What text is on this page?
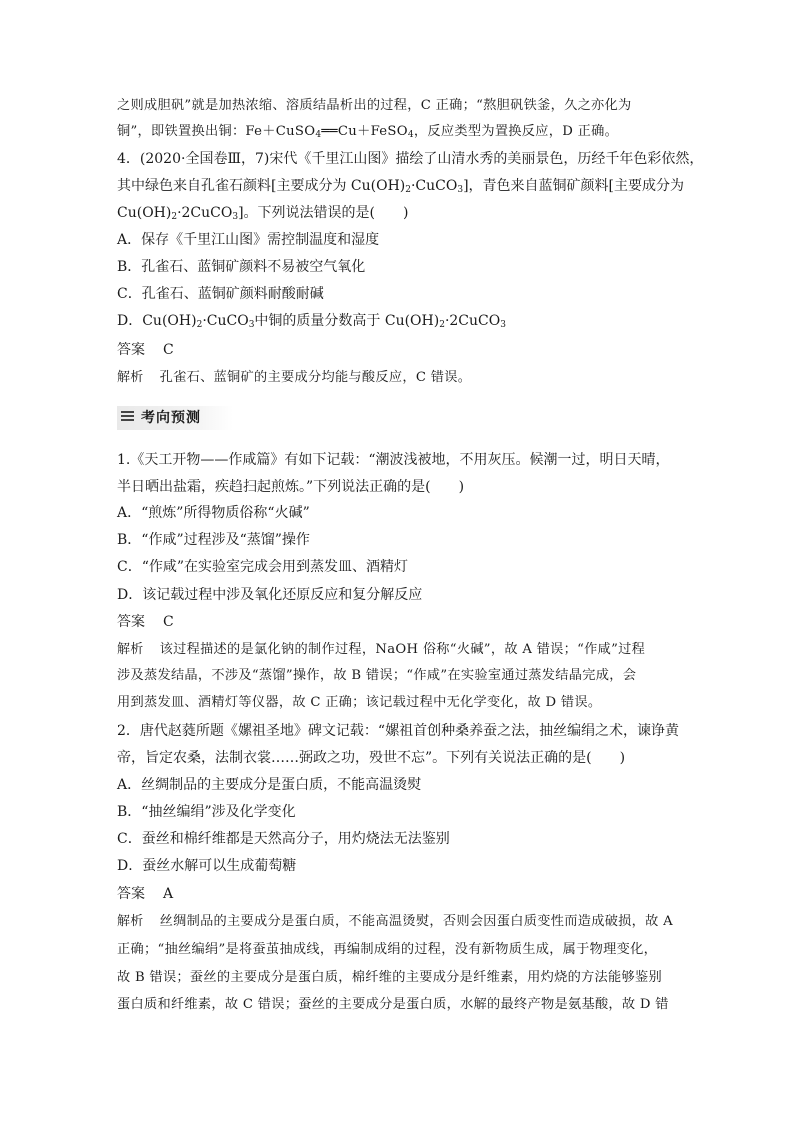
之则成胆矾”就是加热浓缩、溶质结晶析出的过程，C 正确；“熬胆矾铁釜，久之亦化为
铜”，即铁置换出铜：Fe＋CuSO$_4$══Cu＋FeSO$_4$，反应类型为置换反应，D 正确。
4．(2020·全国卷Ⅲ，7)宋代《千里江山图》描绘了山清水秀的美丽景色，历经千年色彩依然，
其中绿色来自孔雀石颜料[主要成分为 $Cu(OH)_2\cdot CuCO_3$]，青色来自蓝铜矿颜料[主要成分为
$Cu(OH)_2\cdot 2CuCO_3$]。下列说法错误的是(　　)
A．保存《千里江山图》需控制温度和湿度
B．孔雀石、蓝铜矿颜料不易被空气氧化
C．孔雀石、蓝铜矿颜料耐酸耐碱
D．$Cu(OH)_2\cdot CuCO_3$中铜的质量分数高于 $Cu(OH)_2\cdot 2CuCO_3$
答案 C
解析 孔雀石、蓝铜矿的主要成分均能与酸反应，C 错误。
考向预测
1.《天工开物——作咸篇》有如下记载：“潮波浅被地，不用灰压。候潮一过，明日天晴，
半日晒出盐霜，疾趋扫起煎炼。”下列说法正确的是(　　)
A．“煎炼”所得物质俗称“火碱”
B．“作咸”过程涉及“蒸馏”操作
C．“作咸”在实验室完成会用到蒸发皿、酒精灯
D．该记载过程中涉及氧化还原反应和复分解反应
答案 C
解析 该过程描述的是氯化钠的制作过程，NaOH 俗称“火碱”，故 A 错误；“作咸”过程
涉及蒸发结晶，不涉及“蒸馏”操作，故 B 错误；“作咸”在实验室通过蒸发结晶完成，会
用到蒸发皿、酒精灯等仪器，故 C 正确；该记载过程中无化学变化，故 D 错误。
2．唐代赵蕤所题《嫘祖圣地》碑文记载：“嫘祖首创种桑养蚕之法，抽丝编绢之术，谏诤黄
帝，旨定农桑，法制衣裳……弼政之功，殁世不忘”。下列有关说法正确的是(　　)
A．丝绸制品的主要成分是蛋白质，不能高温烫熨
B．“抽丝编绢”涉及化学变化
C．蚕丝和棉纤维都是天然高分子，用灼烧法无法鉴别
D．蚕丝水解可以生成葡萄糖
答案 A
解析 丝绸制品的主要成分是蛋白质，不能高温烫熨，否则会因蛋白质变性而造成破损，故 A
正确；“抽丝编绢”是将蚕茧抽成线，再编制成绢的过程，没有新物质生成，属于物理变化，
故 B 错误；蚕丝的主要成分是蛋白质，棉纤维的主要成分是纤维素，用灼烧的方法能够鉴别
蛋白质和纤维素，故 C 错误；蚕丝的主要成分是蛋白质，水解的最终产物是氨基酸，故 D 错
